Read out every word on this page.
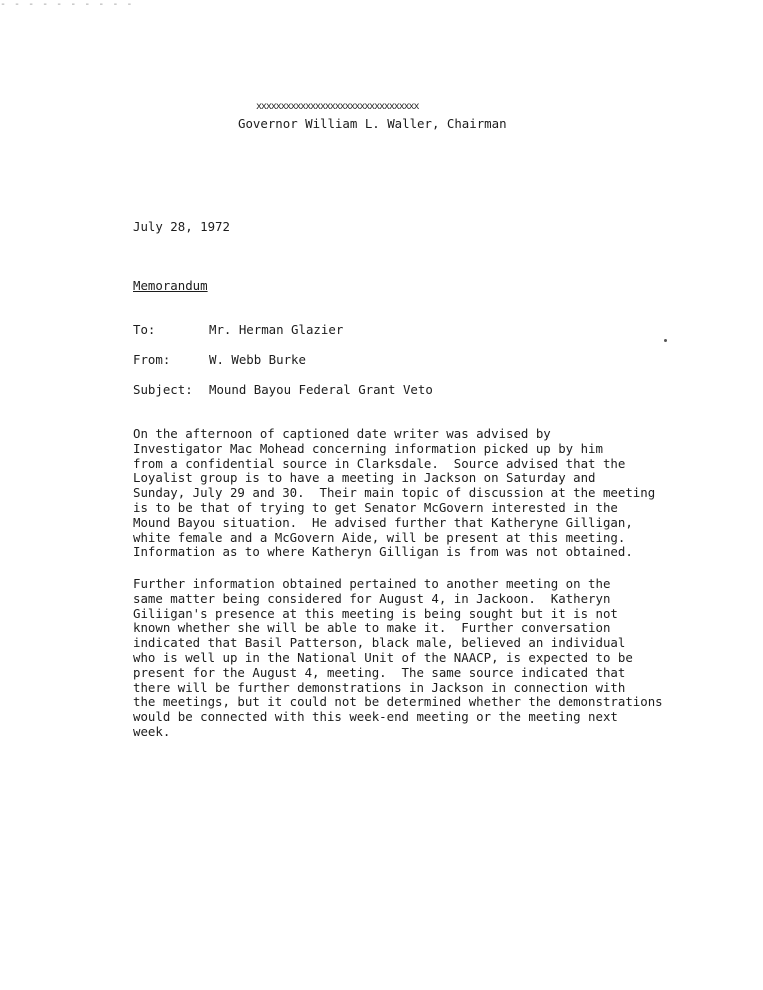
- - - - - - - - - -
xxxxxxxxxxxxxxxxxxxxxxxxxxxxxxxxx
Governor William L. Waller, Chairman
July 28, 1972
Memorandum
To:	Mr. Herman Glazier
From:	W. Webb Burke
Subject: Mound Bayou Federal Grant Veto
On the afternoon of captioned date writer was advised by
Investigator Mac Mohead concerning information picked up by him
from a confidential source in Clarksdale.  Source advised that the
Loyalist group is to have a meeting in Jackson on Saturday and
Sunday, July 29 and 30.  Their main topic of discussion at the meeting
is to be that of trying to get Senator McGovern interested in the
Mound Bayou situation.  He advised further that Katheryne Gilligan,
white female and a McGovern Aide, will be present at this meeting.
Information as to where Katheryn Gilligan is from was not obtained.
Further information obtained pertained to another meeting on the
same matter being considered for August 4, in Jackoon.  Katheryn
Giliigan's presence at this meeting is being sought but it is not
known whether she will be able to make it.  Further conversation
indicated that Basil Patterson, black male, believed an individual
who is well up in the National Unit of the NAACP, is expected to be
present for the August 4, meeting.  The same source indicated that
there will be further demonstrations in Jackson in connection with
the meetings, but it could not be determined whether the demonstrations
would be connected with this week-end meeting or the meeting next
week.
